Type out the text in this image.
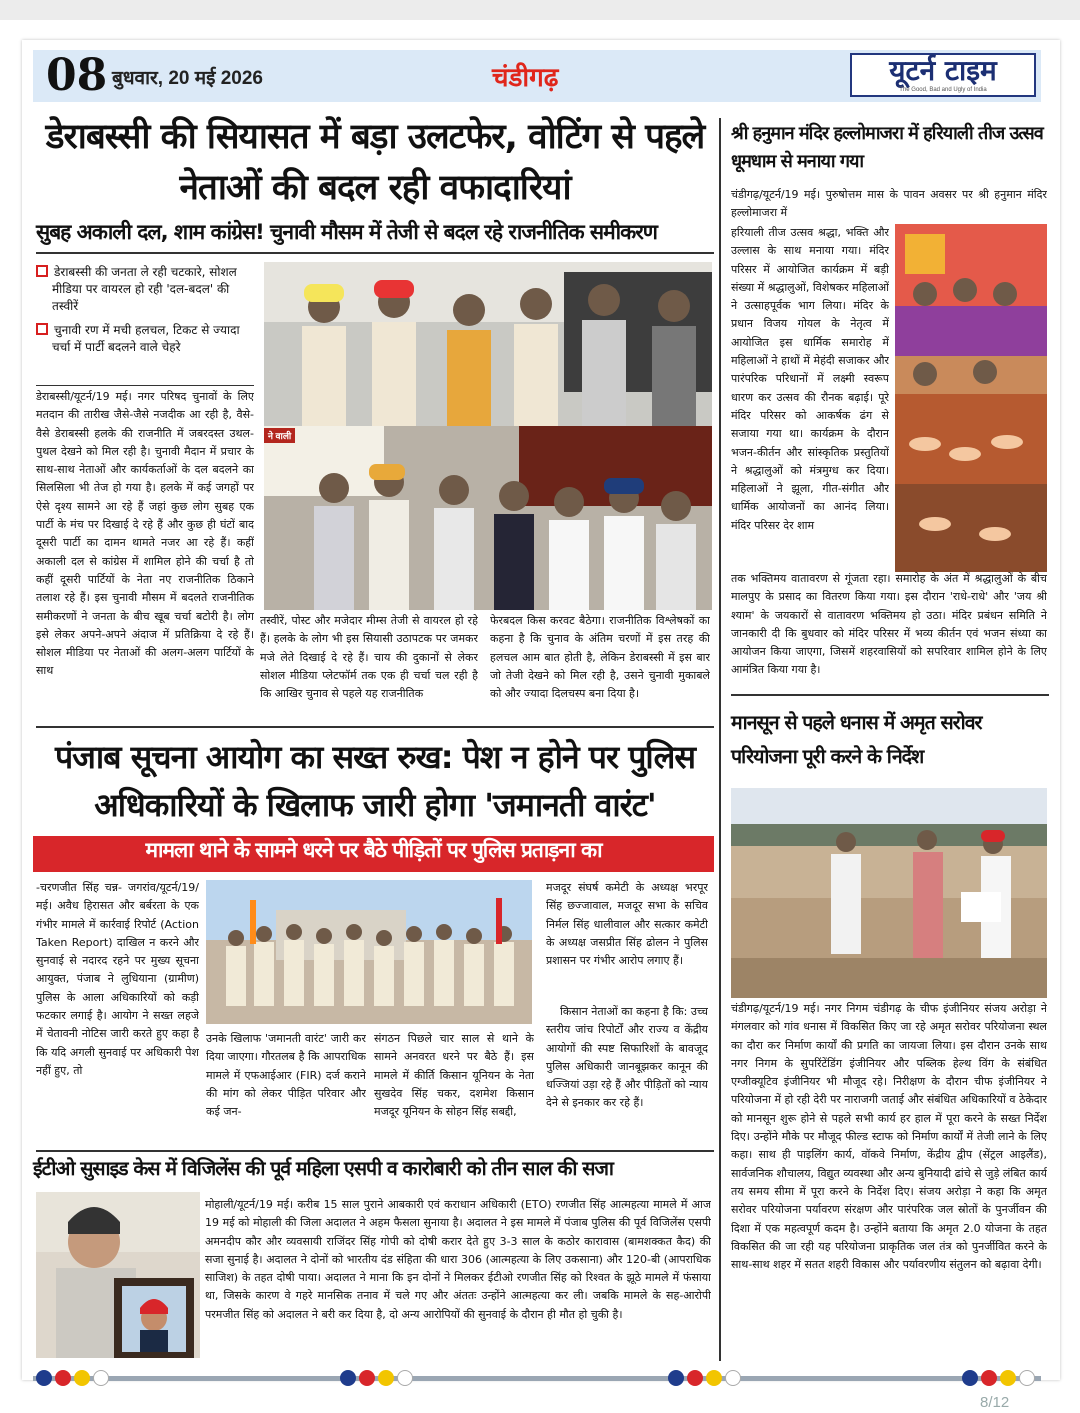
08 बुधवार, 20 मई 2026	चंडीगढ़	यूटर्न टाइम
The Good, Bad and Ugly of India
डेराबस्सी की सियासत में बड़ा उलटफेर, वोटिंग से पहले नेताओं की बदल रही वफादारियां
सुबह अकाली दल, शाम कांग्रेस! चुनावी मौसम में तेजी से बदल रहे राजनीतिक समीकरण
डेराबस्सी की जनता ले रही चटकारे, सोशल मीडिया पर वायरल हो रही 'दल-बदल' की तस्वीरें
चुनावी रण में मची हलचल, टिकट से ज्यादा चर्चा में पार्टी बदलने वाले चेहरे
ने वाली
डेराबस्सी/यूटर्न/19 मई। नगर परिषद चुनावों के लिए मतदान की तारीख जैसे-जैसे नजदीक आ रही है, वैसे-वैसे डेराबस्सी हलके की राजनीति में जबरदस्त उथल-पुथल देखने को मिल रही है। चुनावी मैदान में प्रचार के साथ-साथ नेताओं और कार्यकर्ताओं के दल बदलने का सिलसिला भी तेज हो गया है। हलके में कई जगहों पर ऐसे दृश्य सामने आ रहे हैं जहां कुछ लोग सुबह एक पार्टी के मंच पर दिखाई दे रहे हैं और कुछ ही घंटों बाद दूसरी पार्टी का दामन थामते नजर आ रहे हैं। कहीं अकाली दल से कांग्रेस में शामिल होने की चर्चा है तो कहीं दूसरी पार्टियों के नेता नए राजनीतिक ठिकाने तलाश रहे हैं। इस चुनावी मौसम में बदलते राजनीतिक समीकरणों ने जनता के बीच खूब चर्चा बटोरी है। लोग इसे लेकर अपने-अपने अंदाज में प्रतिक्रिया दे रहे हैं। सोशल मीडिया पर नेताओं की अलग-अलग पार्टियों के साथ
तस्वीरें, पोस्ट और मजेदार मीम्स तेजी से वायरल हो रहे हैं। हलके के लोग भी इस सियासी उठापटक पर जमकर मजे लेते दिखाई दे रहे हैं। चाय की दुकानों से लेकर सोशल मीडिया प्लेटफॉर्म तक एक ही चर्चा चल रही है कि आखिर चुनाव से पहले यह राजनीतिक
फेरबदल किस करवट बैठेगा। राजनीतिक विश्लेषकों का कहना है कि चुनाव के अंतिम चरणों में इस तरह की हलचल आम बात होती है, लेकिन डेराबस्सी में इस बार जो तेजी देखने को मिल रही है, उसने चुनावी मुकाबले को और ज्यादा दिलचस्प बना दिया है।
पंजाब सूचना आयोग का सख्त रुख: पेश न होने पर पुलिस अधिकारियों के खिलाफ जारी होगा 'जमानती वारंट'
मामला थाने के सामने धरने पर बैठे पीड़ितों पर पुलिस प्रताड़ना का
-चरणजीत सिंह चन्न- जगरांव/यूटर्न/19/मई। अवैध हिरासत और बर्बरता के एक गंभीर मामले में कार्रवाई रिपोर्ट (Action Taken Report) दाखिल न करने और सुनवाई से नदारद रहने पर मुख्य सूचना आयुक्त, पंजाब ने लुधियाना (ग्रामीण) पुलिस के आला अधिकारियों को कड़ी फटकार लगाई है। आयोग ने सख्त लहजे में चेतावनी नोटिस जारी करते हुए कहा है कि यदि अगली सुनवाई पर अधिकारी पेश नहीं हुए, तो
उनके खिलाफ 'जमानती वारंट' जारी कर दिया जाएगा। गौरतलब है कि आपराधिक मामले में एफआईआर (FIR) दर्ज कराने की मांग को लेकर पीड़ित परिवार और कई जन-
संगठन पिछले चार साल से थाने के सामने अनवरत धरने पर बैठे हैं। इस मामले में कीर्ति किसान यूनियन के नेता सुखदेव सिंह चकर, दशमेश किसान मजदूर यूनियन के सोहन सिंह सबद्दी,
मजदूर संघर्ष कमेटी के अध्यक्ष भरपूर सिंह छज्जावाल, मजदूर सभा के सचिव निर्मल सिंह धालीवाल और सत्कार कमेटी के अध्यक्ष जसप्रीत सिंह ढोलन ने पुलिस प्रशासन पर गंभीर आरोप लगाए हैं।
किसान नेताओं का कहना है कि: उच्च स्तरीय जांच रिपोर्टों और राज्य व केंद्रीय आयोगों की स्पष्ट सिफारिशों के बावजूद पुलिस अधिकारी जानबूझकर कानून की धज्जियां उड़ा रहे हैं और पीड़ितों को न्याय देने से इनकार कर रहे हैं।
ईटीओ सुसाइड केस में विजिलेंस की पूर्व महिला एसपी व कारोबारी को तीन साल की सजा
मोहाली/यूटर्न/19 मई। करीब 15 साल पुराने आबकारी एवं कराधान अधिकारी (ETO) रणजीत सिंह आत्महत्या मामले में आज 19 मई को मोहाली की जिला अदालत ने अहम फैसला सुनाया है। अदालत ने इस मामले में पंजाब पुलिस की पूर्व विजिलेंस एसपी अमनदीप कौर और व्यवसायी राजिंदर सिंह गोपी को दोषी करार देते हुए 3-3 साल के कठोर कारावास (बामशक्कत कैद) की सजा सुनाई है। अदालत ने दोनों को भारतीय दंड संहिता की धारा 306 (आत्महत्या के लिए उकसाना) और 120-बी (आपराधिक साजिश) के तहत दोषी पाया। अदालत ने माना कि इन दोनों ने मिलकर ईटीओ रणजीत सिंह को रिश्वत के झूठे मामले में फंसाया था, जिसके कारण वे गहरे मानसिक तनाव में चले गए और अंततः उन्होंने आत्महत्या कर ली। जबकि मामले के सह-आरोपी परमजीत सिंह को अदालत ने बरी कर दिया है, दो अन्य आरोपियों की सुनवाई के दौरान ही मौत हो चुकी है।
श्री हनुमान मंदिर हल्लोमाजरा में हरियाली तीज उत्सव धूमधाम से मनाया गया
चंडीगढ़/यूटर्न/19 मई। पुरुषोत्तम मास के पावन अवसर पर श्री हनुमान मंदिर हल्लोमाजरा में
हरियाली तीज उत्सव श्रद्धा, भक्ति और उल्लास के साथ मनाया गया। मंदिर परिसर में आयोजित कार्यक्रम में बड़ी संख्या में श्रद्धालुओं, विशेषकर महिलाओं ने उत्साहपूर्वक भाग लिया। मंदिर के प्रधान विजय गोयल के नेतृत्व में आयोजित इस धार्मिक समारोह में महिलाओं ने हाथों में मेहंदी सजाकर और पारंपरिक परिधानों में लक्ष्मी स्वरूप धारण कर उत्सव की रौनक बढ़ाई। पूरे मंदिर परिसर को आकर्षक ढंग से सजाया गया था। कार्यक्रम के दौरान भजन-कीर्तन और सांस्कृतिक प्रस्तुतियों ने श्रद्धालुओं को मंत्रमुग्ध कर दिया। महिलाओं ने झूला, गीत-संगीत और धार्मिक आयोजनों का आनंद लिया। मंदिर परिसर देर शाम
तक भक्तिमय वातावरण से गूंजता रहा। समारोह के अंत में श्रद्धालुओं के बीच मालपुए के प्रसाद का वितरण किया गया। इस दौरान 'राधे-राधे' और 'जय श्री श्याम' के जयकारों से वातावरण भक्तिमय हो उठा। मंदिर प्रबंधन समिति ने जानकारी दी कि बुधवार को मंदिर परिसर में भव्य कीर्तन एवं भजन संध्या का आयोजन किया जाएगा, जिसमें शहरवासियों को सपरिवार शामिल होने के लिए आमंत्रित किया गया है।
मानसून से पहले धनास में अमृत सरोवर परियोजना पूरी करने के निर्देश
चंडीगढ़/यूटर्न/19 मई। नगर निगम चंडीगढ़ के चीफ इंजीनियर संजय अरोड़ा ने मंगलवार को गांव धनास में विकसित किए जा रहे अमृत सरोवर परियोजना स्थल का दौरा कर निर्माण कार्यों की प्रगति का जायजा लिया। इस दौरान उनके साथ नगर निगम के सुपरिंटेंडिंग इंजीनियर और पब्लिक हेल्थ विंग के संबंधित एग्जीक्यूटिव इंजीनियर भी मौजूद रहे। निरीक्षण के दौरान चीफ इंजीनियर ने परियोजना में हो रही देरी पर नाराजगी जताई और संबंधित अधिकारियों व ठेकेदार को मानसून शुरू होने से पहले सभी कार्य हर हाल में पूरा करने के सख्त निर्देश दिए। उन्होंने मौके पर मौजूद फील्ड स्टाफ को निर्माण कार्यों में तेजी लाने के लिए कहा। साथ ही पाइलिंग कार्य, वॉकवे निर्माण, केंद्रीय द्वीप (सेंट्रल आइलैंड), सार्वजनिक शौचालय, विद्युत व्यवस्था और अन्य बुनियादी ढांचे से जुड़े लंबित कार्य तय समय सीमा में पूरा करने के निर्देश दिए। संजय अरोड़ा ने कहा कि अमृत सरोवर परियोजना पर्यावरण संरक्षण और पारंपरिक जल स्रोतों के पुनर्जीवन की दिशा में एक महत्वपूर्ण कदम है। उन्होंने बताया कि अमृत 2.0 योजना के तहत विकसित की जा रही यह परियोजना प्राकृतिक जल तंत्र को पुनर्जीवित करने के साथ-साथ शहर में सतत शहरी विकास और पर्यावरणीय संतुलन को बढ़ावा देगी।
8/12
